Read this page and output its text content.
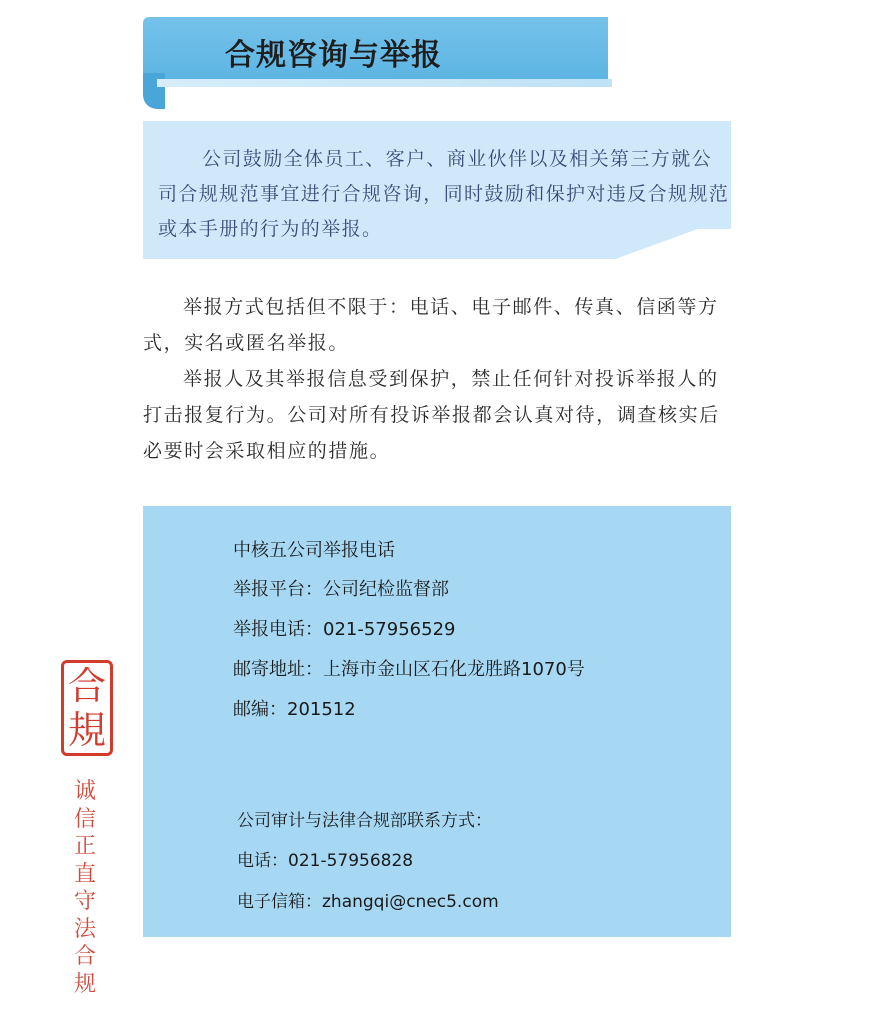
合规咨询与举报
公司鼓励全体员工、客户、商业伙伴以及相关第三方就公司合规规范事宜进行合规咨询，同时鼓励和保护对违反合规规范或本手册的行为的举报。

举报方式包括但不限于：电话、电子邮件、传真、信函等方式，实名或匿名举报。

举报人及其举报信息受到保护，禁止任何针对投诉举报人的打击报复行为。公司对所有投诉举报都会认真对待，调查核实后必要时会采取相应的措施。

中核五公司举报电话
举报平台：公司纪检监督部
举报电话：021-57956529
邮寄地址：上海市金山区石化龙胜路1070号
邮编：201512
公司审计与法律合规部联系方式：
电话：021-57956828
电子信箱：zhangqi@cnec5.com
合
規
诚
信
正
直
守
法
合
规
